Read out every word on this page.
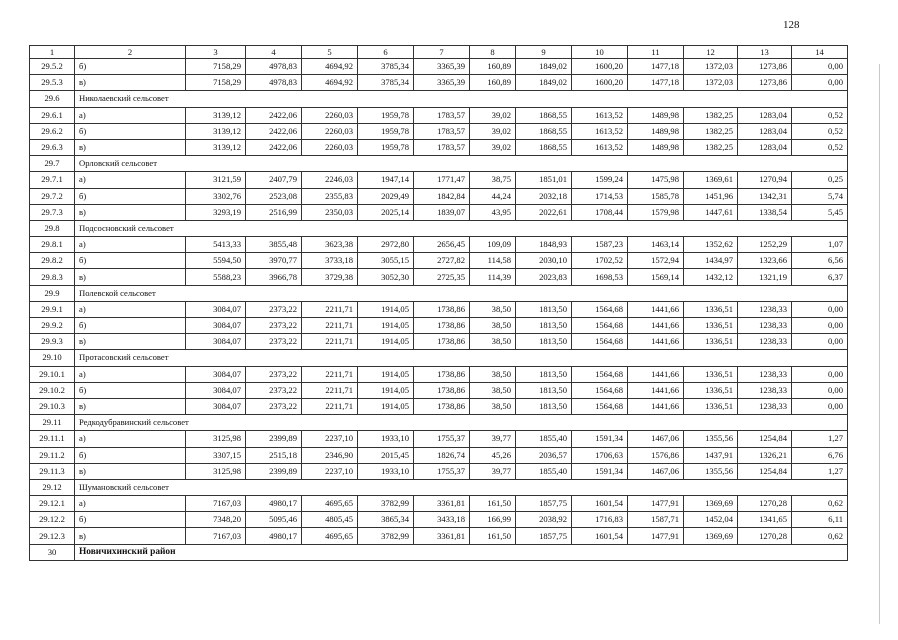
128
1	2	3	4	5	6	7	8	9	10	11	12	13	14
29.5.2	б)	7158,29	4978,83	4694,92	3785,34	3365,39	160,89	1849,02	1600,20	1477,18	1372,03	1273,86	0,00
29.5.3	в)	7158,29	4978,83	4694,92	3785,34	3365,39	160,89	1849,02	1600,20	1477,18	1372,03	1273,86	0,00
29.6	Николаевский сельсовет												
29.6.1	а)	3139,12	2422,06	2260,03	1959,78	1783,57	39,02	1868,55	1613,52	1489,98	1382,25	1283,04	0,52
29.6.2	б)	3139,12	2422,06	2260,03	1959,78	1783,57	39,02	1868,55	1613,52	1489,98	1382,25	1283,04	0,52
29.6.3	в)	3139,12	2422,06	2260,03	1959,78	1783,57	39,02	1868,55	1613,52	1489,98	1382,25	1283,04	0,52
29.7	Орловский сельсовет												
29.7.1	а)	3121,59	2407,79	2246,03	1947,14	1771,47	38,75	1851,01	1599,24	1475,98	1369,61	1270,94	0,25
29.7.2	б)	3302,76	2523,08	2355,83	2029,49	1842,84	44,24	2032,18	1714,53	1585,78	1451,96	1342,31	5,74
29.7.3	в)	3293,19	2516,99	2350,03	2025,14	1839,07	43,95	2022,61	1708,44	1579,98	1447,61	1338,54	5,45
29.8	Подсосновский сельсовет												
29.8.1	а)	5413,33	3855,48	3623,38	2972,80	2656,45	109,09	1848,93	1587,23	1463,14	1352,62	1252,29	1,07
29.8.2	б)	5594,50	3970,77	3733,18	3055,15	2727,82	114,58	2030,10	1702,52	1572,94	1434,97	1323,66	6,56
29.8.3	в)	5588,23	3966,78	3729,38	3052,30	2725,35	114,39	2023,83	1698,53	1569,14	1432,12	1321,19	6,37
29.9	Полевской сельсовет												
29.9.1	а)	3084,07	2373,22	2211,71	1914,05	1738,86	38,50	1813,50	1564,68	1441,66	1336,51	1238,33	0,00
29.9.2	б)	3084,07	2373,22	2211,71	1914,05	1738,86	38,50	1813,50	1564,68	1441,66	1336,51	1238,33	0,00
29.9.3	в)	3084,07	2373,22	2211,71	1914,05	1738,86	38,50	1813,50	1564,68	1441,66	1336,51	1238,33	0,00
29.10	Протасовский сельсовет												
29.10.1	а)	3084,07	2373,22	2211,71	1914,05	1738,86	38,50	1813,50	1564,68	1441,66	1336,51	1238,33	0,00
29.10.2	б)	3084,07	2373,22	2211,71	1914,05	1738,86	38,50	1813,50	1564,68	1441,66	1336,51	1238,33	0,00
29.10.3	в)	3084,07	2373,22	2211,71	1914,05	1738,86	38,50	1813,50	1564,68	1441,66	1336,51	1238,33	0,00
29.11	Редкодубравинский сельсовет												
29.11.1	а)	3125,98	2399,89	2237,10	1933,10	1755,37	39,77	1855,40	1591,34	1467,06	1355,56	1254,84	1,27
29.11.2	б)	3307,15	2515,18	2346,90	2015,45	1826,74	45,26	2036,57	1706,63	1576,86	1437,91	1326,21	6,76
29.11.3	в)	3125,98	2399,89	2237,10	1933,10	1755,37	39,77	1855,40	1591,34	1467,06	1355,56	1254,84	1,27
29.12	Шумановский сельсовет												
29.12.1	а)	7167,03	4980,17	4695,65	3782,99	3361,81	161,50	1857,75	1601,54	1477,91	1369,69	1270,28	0,62
29.12.2	б)	7348,20	5095,46	4805,45	3865,34	3433,18	166,99	2038,92	1716,83	1587,71	1452,04	1341,65	6,11
29.12.3	в)	7167,03	4980,17	4695,65	3782,99	3361,81	161,50	1857,75	1601,54	1477,91	1369,69	1270,28	0,62
30	Новичихинский район												
